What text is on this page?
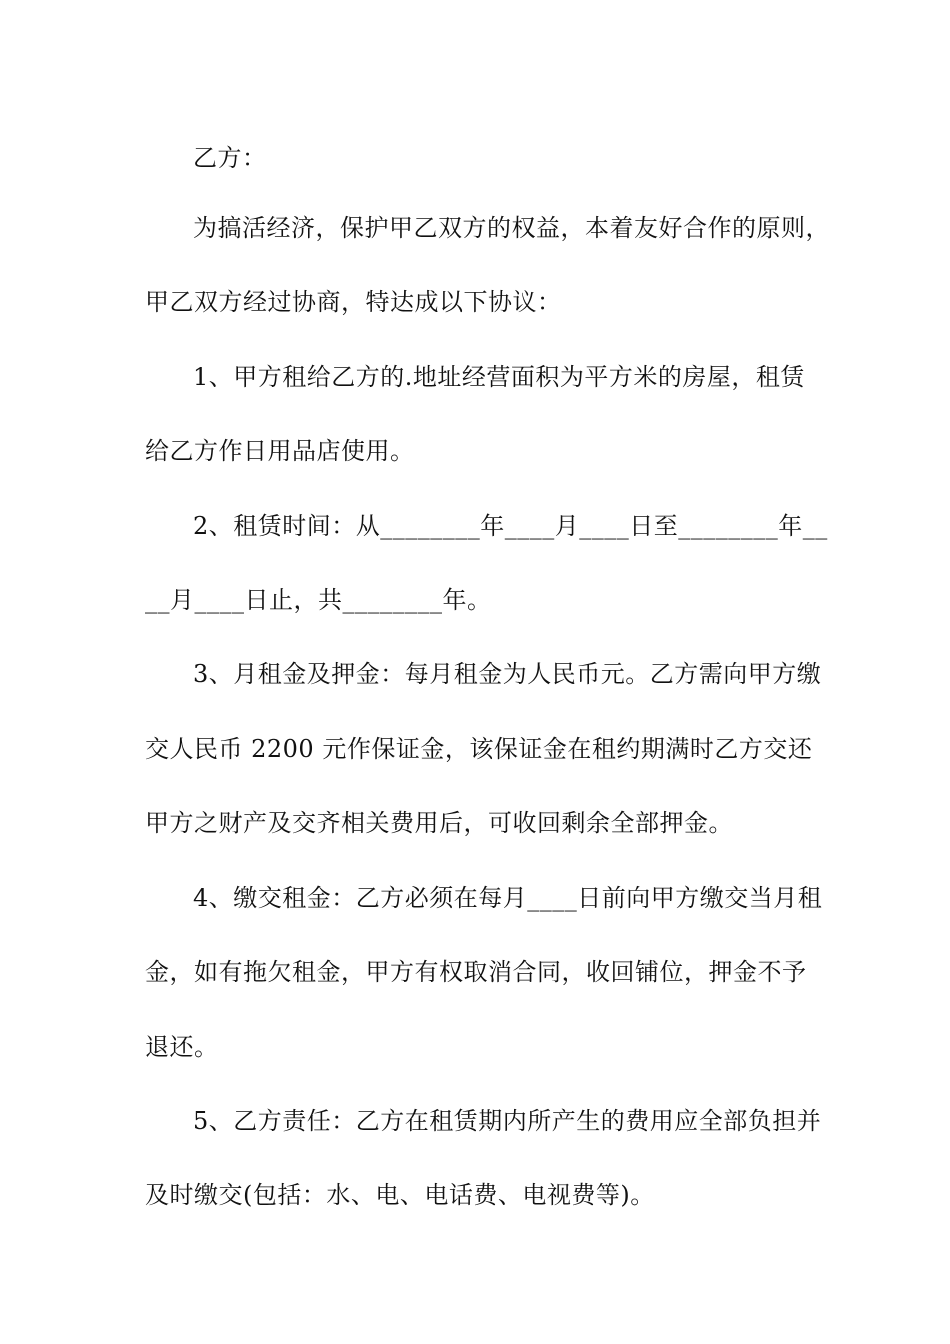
乙方：
为搞活经济，保护甲乙双方的权益，本着友好合作的原则，
甲乙双方经过协商，特达成以下协议：
1、甲方租给乙方的.地址经营面积为平方米的房屋，租赁
给乙方作日用品店使用。
2、租赁时间：从________年____月____日至________年__
__月____日止，共________年。
3、月租金及押金：每月租金为人民币元。乙方需向甲方缴
交人民币 2200 元作保证金，该保证金在租约期满时乙方交还
甲方之财产及交齐相关费用后，可收回剩余全部押金。
4、缴交租金：乙方必须在每月____日前向甲方缴交当月租
金，如有拖欠租金，甲方有权取消合同，收回铺位，押金不予
退还。
5、乙方责任：乙方在租赁期内所产生的费用应全部负担并
及时缴交(包括：水、电、电话费、电视费等)。
